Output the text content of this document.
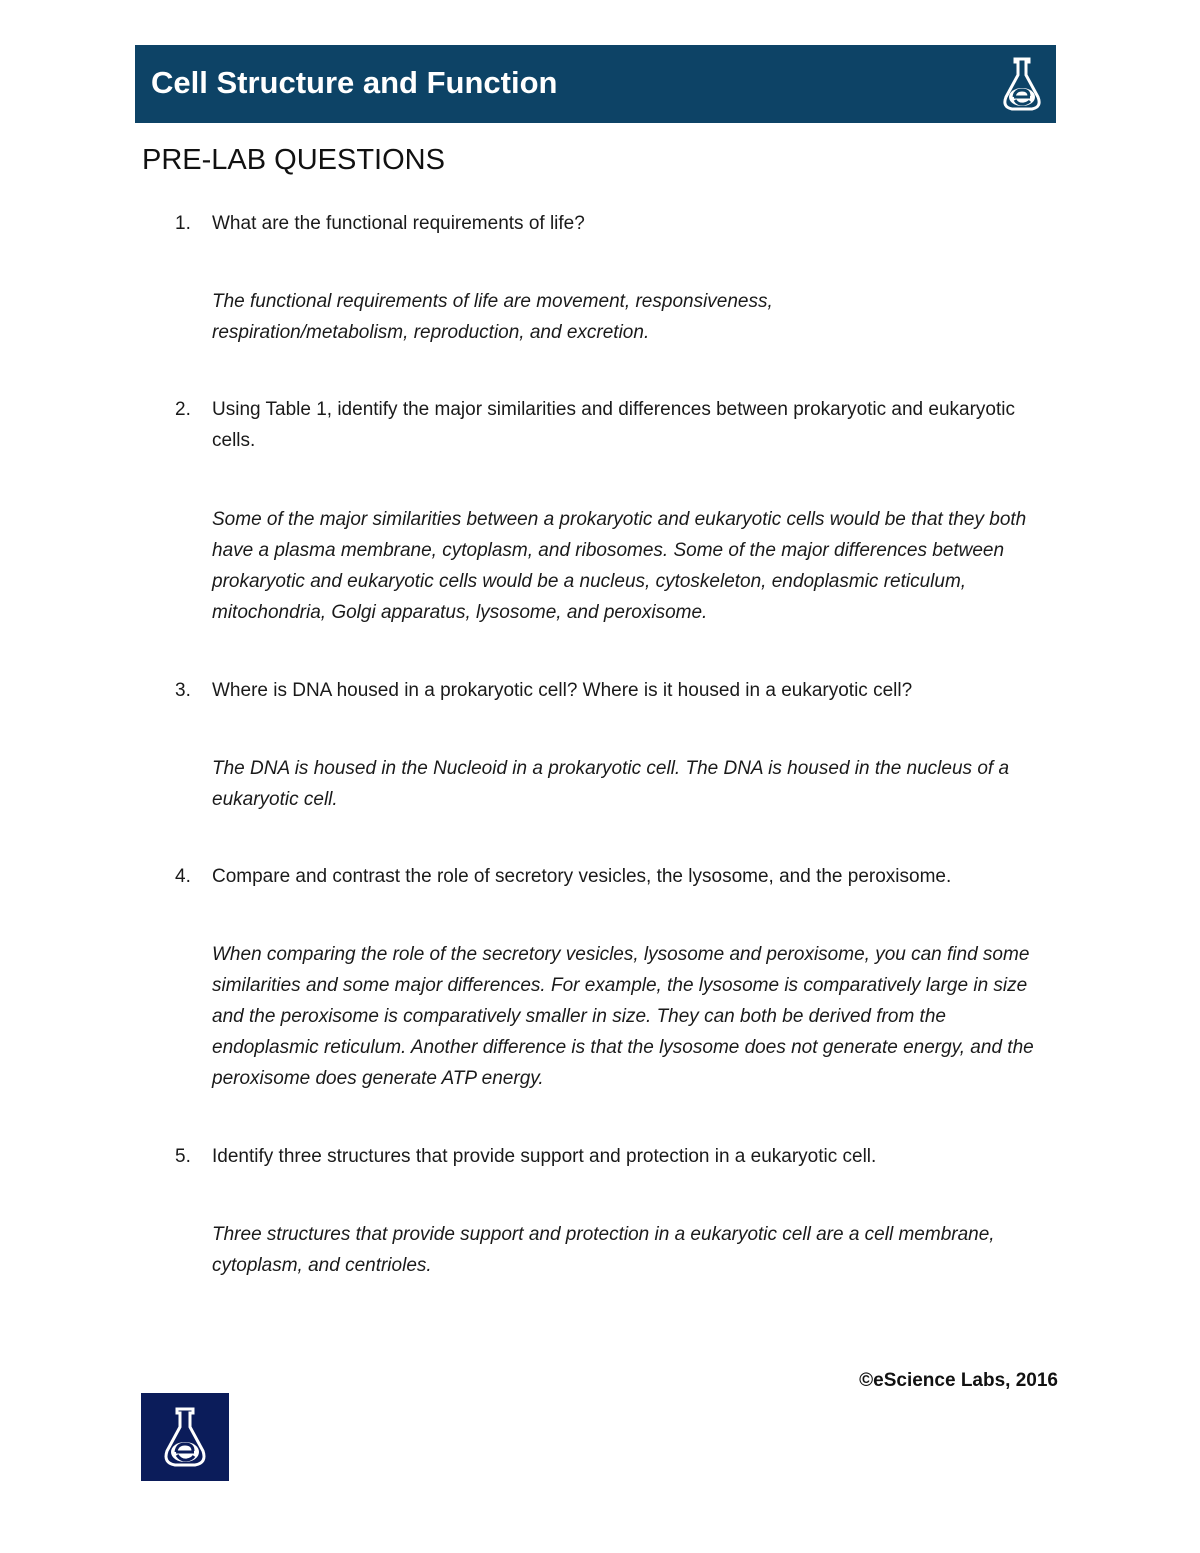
Cell Structure and Function
PRE-LAB QUESTIONS
1. What are the functional requirements of life?
The functional requirements of life are movement, responsiveness, respiration/metabolism, reproduction, and excretion.
2. Using Table 1, identify the major similarities and differences between prokaryotic and eukaryotic cells.
Some of the major similarities between a prokaryotic and eukaryotic cells would be that they both have a plasma membrane, cytoplasm, and ribosomes. Some of the major differences between prokaryotic and eukaryotic cells would be a nucleus, cytoskeleton, endoplasmic reticulum, mitochondria, Golgi apparatus, lysosome, and peroxisome.
3. Where is DNA housed in a prokaryotic cell? Where is it housed in a eukaryotic cell?
The DNA is housed in the Nucleoid in a prokaryotic cell. The DNA is housed in the nucleus of a eukaryotic cell.
4. Compare and contrast the role of secretory vesicles, the lysosome, and the peroxisome.
When comparing the role of the secretory vesicles, lysosome and peroxisome, you can find some similarities and some major differences. For example, the lysosome is comparatively large in size and the peroxisome is comparatively smaller in size. They can both be derived from the endoplasmic reticulum. Another difference is that the lysosome does not generate energy, and the peroxisome does generate ATP energy.
5. Identify three structures that provide support and protection in a eukaryotic cell.
Three structures that provide support and protection in a eukaryotic cell are a cell membrane, cytoplasm, and centrioles.
©eScience Labs, 2016
